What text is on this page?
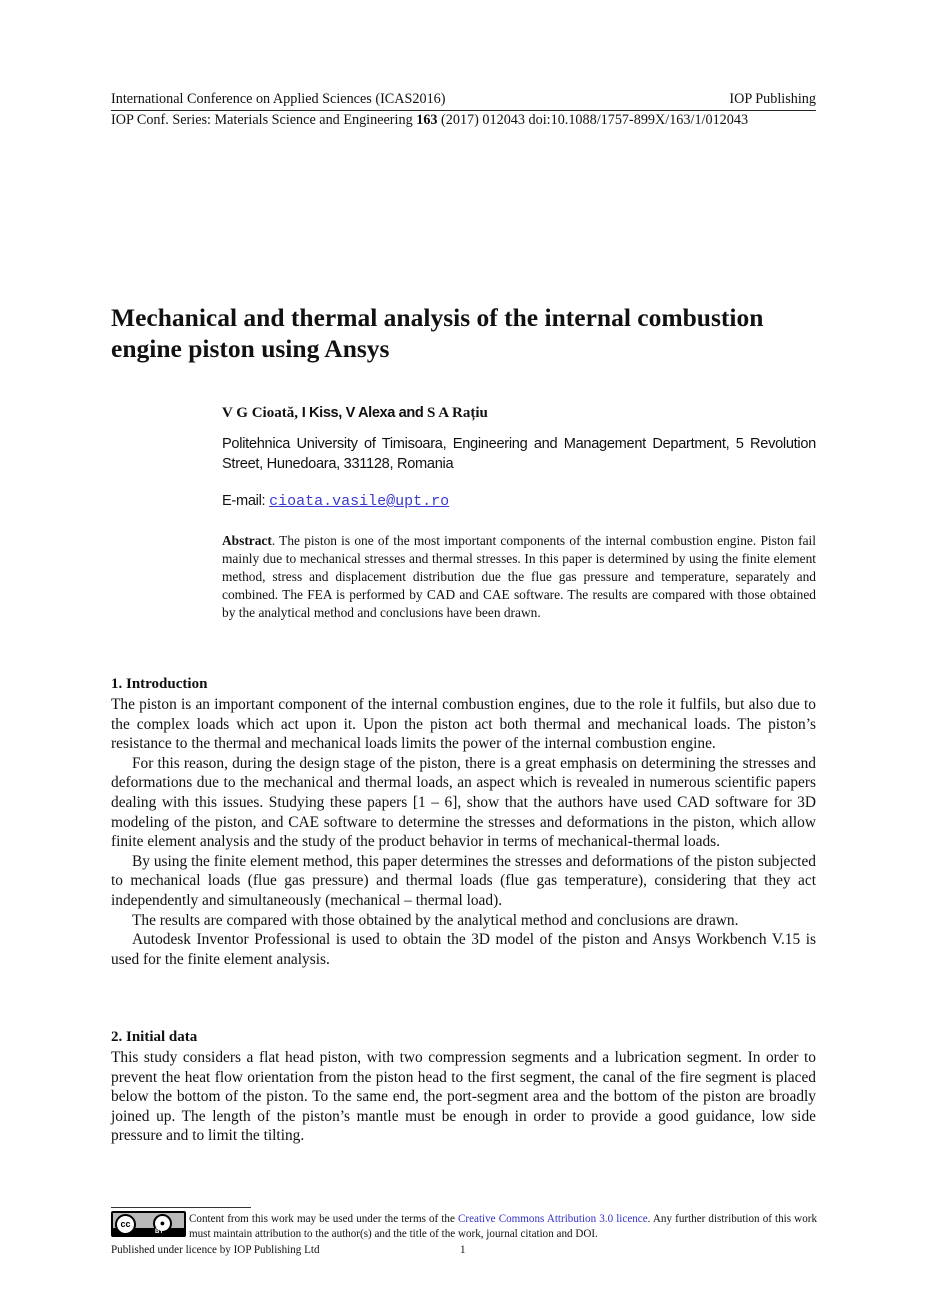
International Conference on Applied Sciences (ICAS2016)	IOP Publishing
IOP Conf. Series: Materials Science and Engineering 163 (2017) 012043 doi:10.1088/1757-899X/163/1/012043
Mechanical and thermal analysis of the internal combustion engine piston using Ansys
V G Cioată, I Kiss, V Alexa and S A Rațiu
Politehnica University of Timisoara, Engineering and Management Department, 5 Revolution Street, Hunedoara, 331128, Romania
E-mail: cioata.vasile@upt.ro
Abstract. The piston is one of the most important components of the internal combustion engine. Piston fail mainly due to mechanical stresses and thermal stresses. In this paper is determined by using the finite element method, stress and displacement distribution due the flue gas pressure and temperature, separately and combined. The FEA is performed by CAD and CAE software. The results are compared with those obtained by the analytical method and conclusions have been drawn.
1. Introduction

The piston is an important component of the internal combustion engines, due to the role it fulfils, but also due to the complex loads which act upon it. Upon the piston act both thermal and mechanical loads. The piston’s resistance to the thermal and mechanical loads limits the power of the internal combustion engine.

For this reason, during the design stage of the piston, there is a great emphasis on determining the stresses and deformations due to the mechanical and thermal loads, an aspect which is revealed in numerous scientific papers dealing with this issues. Studying these papers [1 – 6], show that the authors have used CAD software for 3D modeling of the piston, and CAE software to determine the stresses and deformations in the piston, which allow finite element analysis and the study of the product behavior in terms of mechanical-thermal loads.

By using the finite element method, this paper determines the stresses and deformations of the piston subjected to mechanical loads (flue gas pressure) and thermal loads (flue gas temperature), considering that they act independently and simultaneously (mechanical – thermal load).

The results are compared with those obtained by the analytical method and conclusions are drawn.

Autodesk Inventor Professional is used to obtain the 3D model of the piston and Ansys Workbench V.15 is used for the finite element analysis.

2. Initial data

This study considers a flat head piston, with two compression segments and a lubrication segment. In order to prevent the heat flow orientation from the piston head to the first segment, the canal of the fire segment is placed below the bottom of the piston. To the same end, the port-segment area and the bottom of the piston are broadly joined up. The length of the piston’s mantle must be enough in order to provide a good guidance, low side pressure and to limit the tilting.

cc	●
BY
Content from this work may be used under the terms of the Creative Commons Attribution 3.0 licence. Any further distribution of this work must maintain attribution to the author(s) and the title of the work, journal citation and DOI.
Published under licence by IOP Publishing Ltd	1
